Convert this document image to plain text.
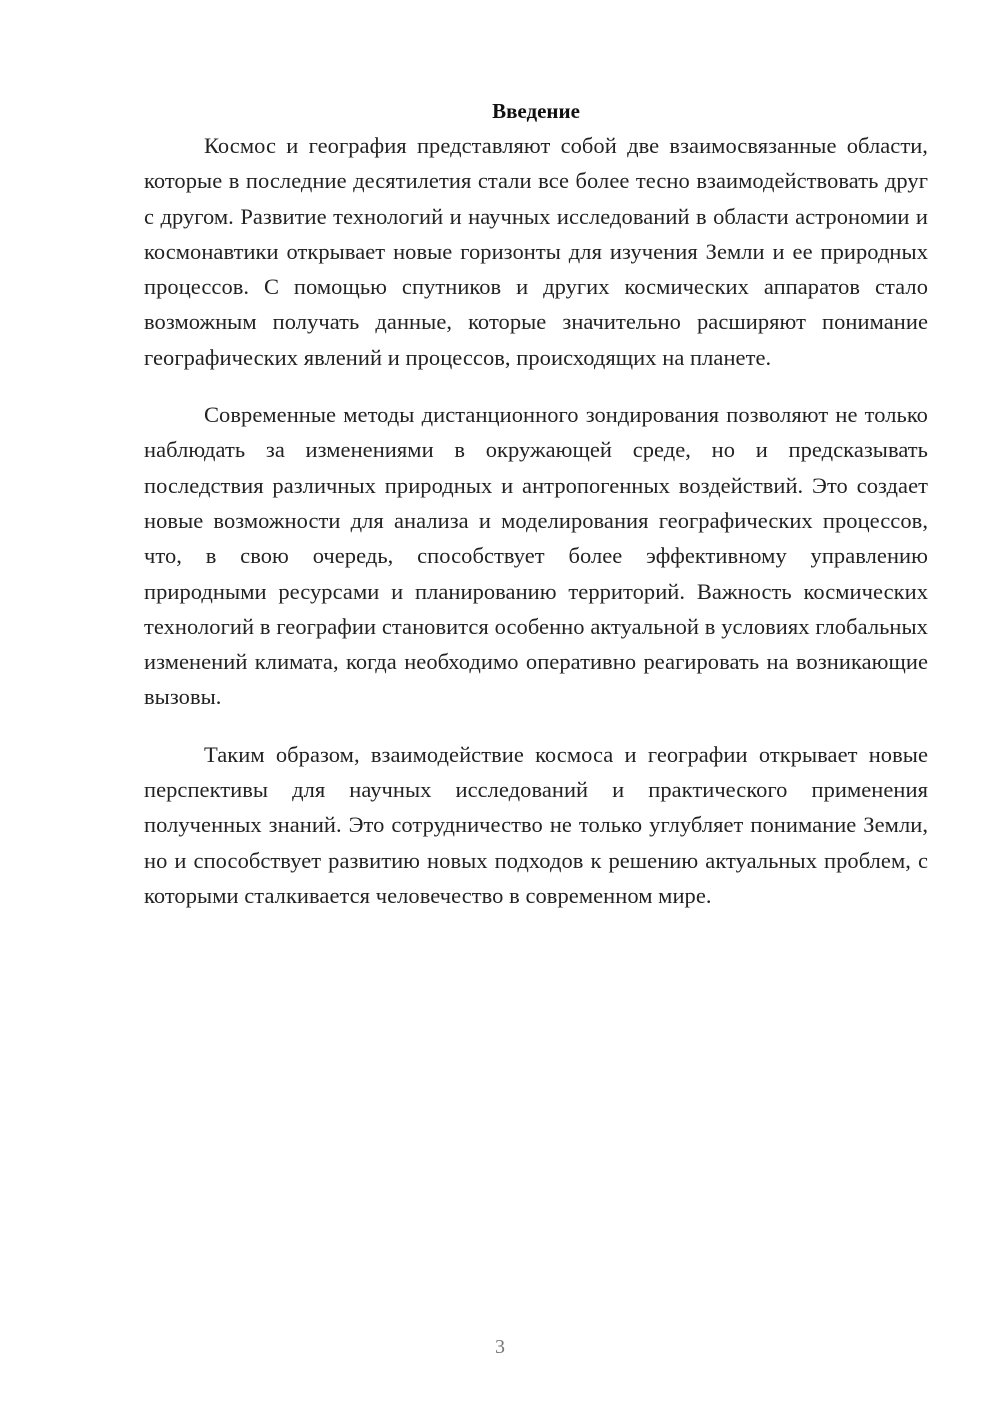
Введение

Космос и география представляют собой две взаимосвязанные области, которые в последние десятилетия стали все более тесно взаимодействовать друг с другом. Развитие технологий и научных исследований в области астрономии и космонавтики открывает новые горизонты для изучения Земли и ее природных процессов. С помощью спутников и других космических аппаратов стало возможным получать данные, которые значительно расширяют понимание географических явлений и процессов, происходящих на планете.

Современные методы дистанционного зондирования позволяют не только наблюдать за изменениями в окружающей среде, но и предсказывать последствия различных природных и антропогенных воздействий. Это создает новые возможности для анализа и моделирования географических процессов, что, в свою очередь, способствует более эффективному управлению природными ресурсами и планированию территорий. Важность космических технологий в географии становится особенно актуальной в условиях глобальных изменений климата, когда необходимо оперативно реагировать на возникающие вызовы.

Таким образом, взаимодействие космоса и географии открывает новые перспективы для научных исследований и практического применения полученных знаний. Это сотрудничество не только углубляет понимание Земли, но и способствует развитию новых подходов к решению актуальных проблем, с которыми сталкивается человечество в современном мире.

3
